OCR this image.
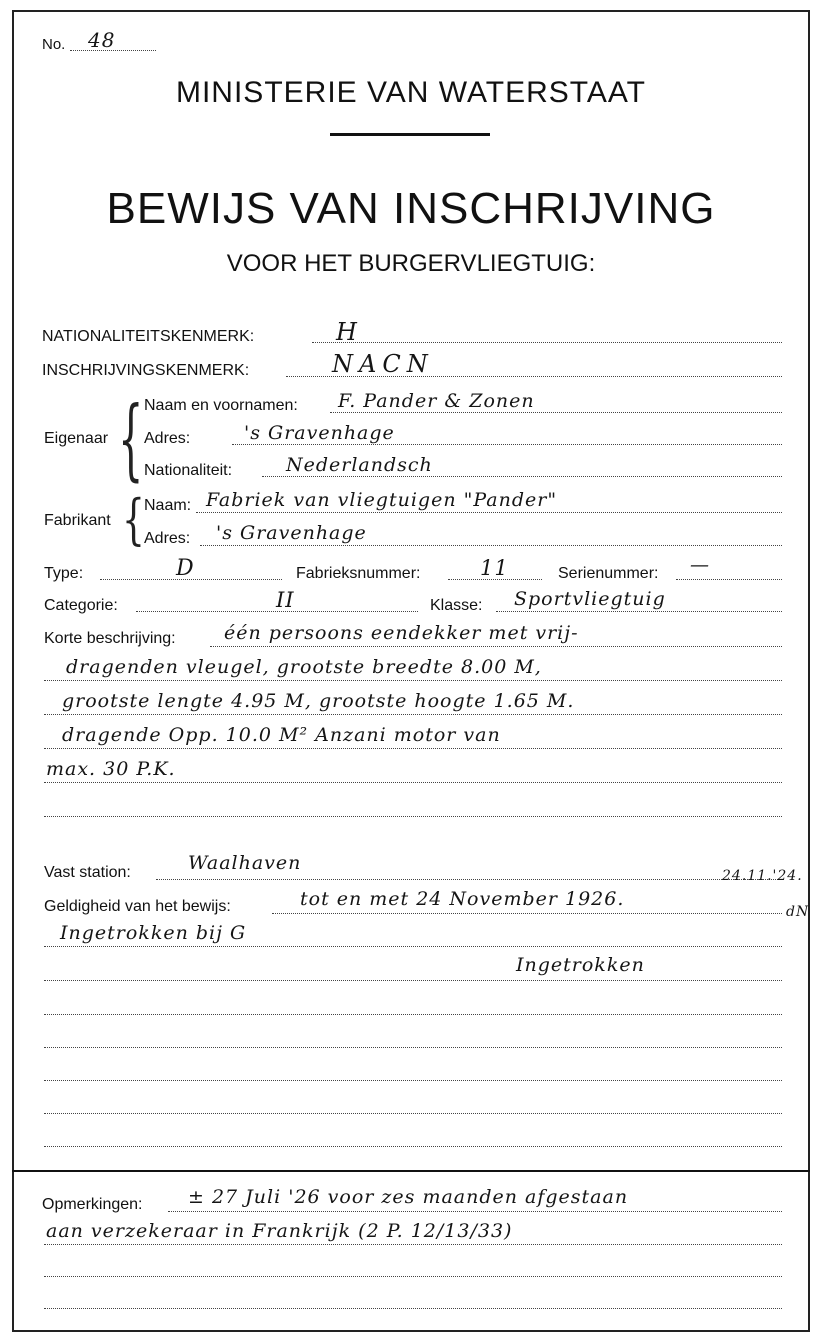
No. 48
MINISTERIE VAN WATERSTAAT
BEWIJS VAN INSCHRIJVING
VOOR HET BURGERVLIEGTUIG:
NATIONALITEITSKENMERK:	H
INSCHRIJVINGSKENMERK:	NACN
Eigenaar { Naam en voornamen: F. Pander & Zonen
Adres:	's Gravenhage
Nationaliteit:	Nederlandsch
Fabrikant { Naam: Fabriek van vliegtuigen "Pander"
Adres: 's Gravenhage
Type:	D	Fabrieksnummer:	11	Serienummer: —
Categorie:	II	Klasse: Sportvliegtuig
Korte beschrijving:	één persoons eendekker met vrij-
dragenden vleugel, grootste breedte 8.00 M,
grootste lengte 4.95 M, grootste hoogte 1.65 M.
dragende Opp. 10.0 M² Anzani motor van
max. 30 P.K.
Vast station:	Waalhaven
Geldigheid van het bewijs:	tot en met 24 November 1926.
24.11.'24.
dN
Ingetrokken bij G
Ingetrokken
Opmerkingen: ± 27 Juli '26 voor zes maanden afgestaan
aan verzekeraar in Frankrijk (2 P. 12/13/33)
